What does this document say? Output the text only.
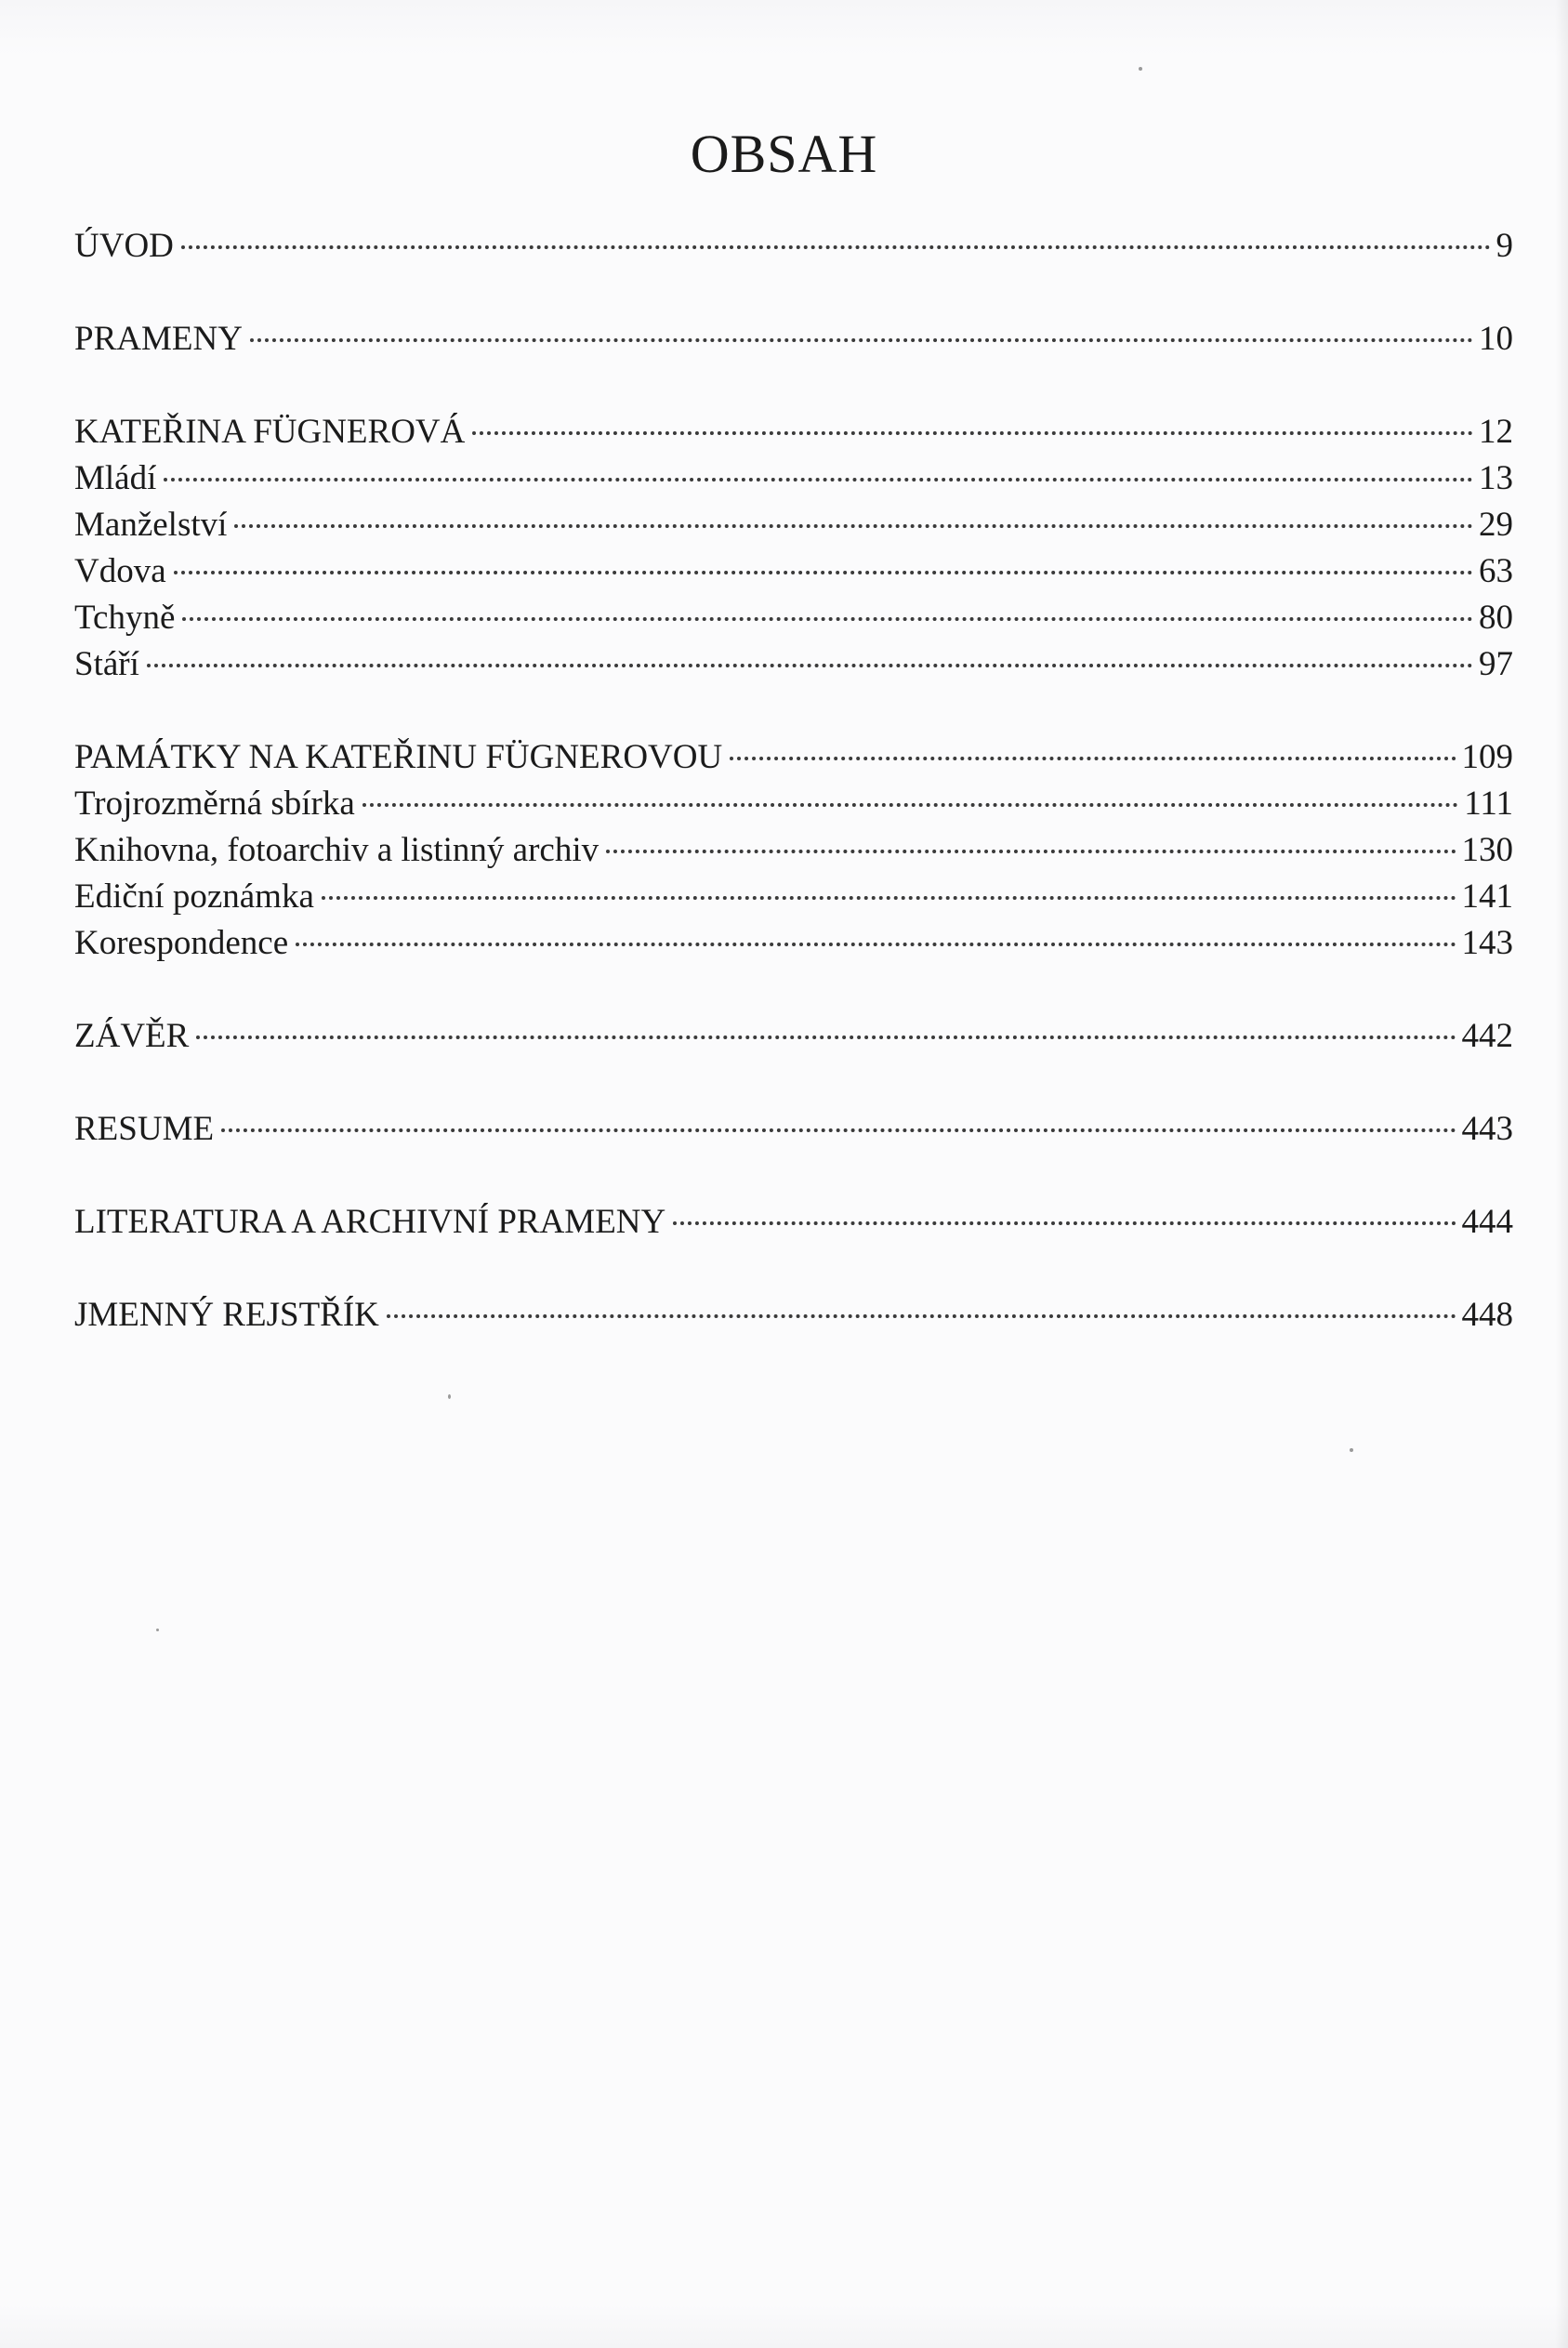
OBSAH
ÚVOD	9
PRAMENY	10
KATEŘINA FÜGNEROVÁ	12
Mládí	13
Manželství	29
Vdova	63
Tchyně	80
Stáří	97
PAMÁTKY NA KATEŘINU FÜGNEROVOU	109
Trojrozměrná sbírka	111
Knihovna, fotoarchiv a listinný archiv	130
Ediční poznámka	141
Korespondence	143
ZÁVĚR	442
RESUME	443
LITERATURA A ARCHIVNÍ PRAMENY	444
JMENNÝ REJSTŘÍK	448
